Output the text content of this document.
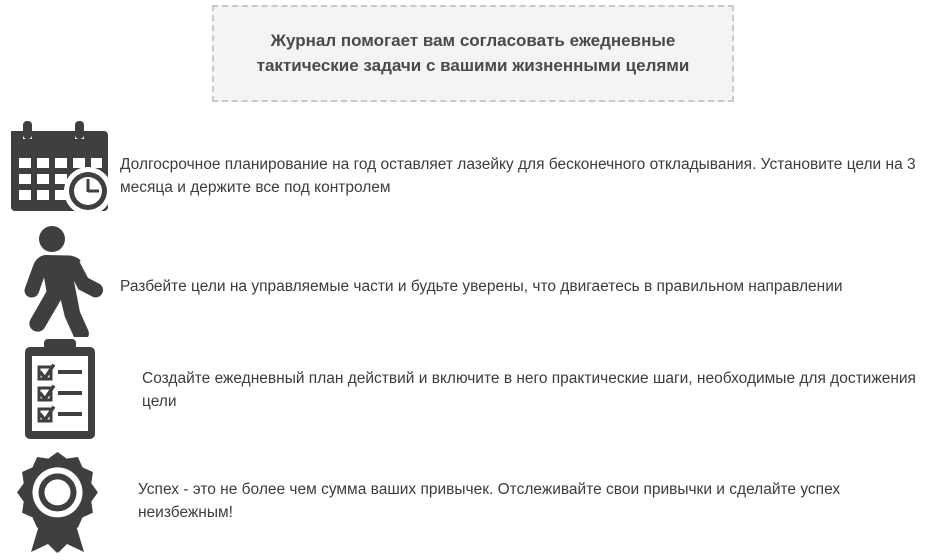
Журнал помогает вам согласовать ежедневные тактические задачи с вашими жизненными целями
Долгосрочное планирование на год оставляет лазейку для бесконечного откладывания. Установите цели на 3 месяца и держите все под контролем
Разбейте цели на управляемые части и будьте уверены, что двигаетесь в правильном направлении
Создайте ежедневный план действий и включите в него практические шаги, необходимые для достижения цели
Успех - это не более чем сумма ваших привычек. Отслеживайте свои привычки и сделайте успех неизбежным!
